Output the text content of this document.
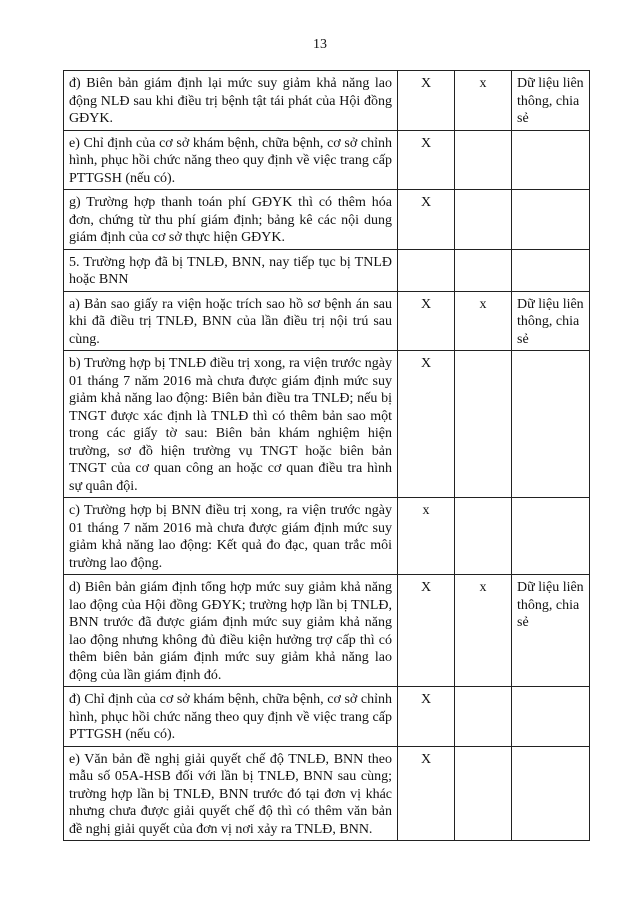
13
đ) Biên bản giám định lại mức suy giảm khả năng lao động NLĐ sau khi điều trị bệnh tật tái phát của Hội đồng GĐYK.	X	x	Dữ liệu liên thông, chia sẻ
e) Chỉ định của cơ sở khám bệnh, chữa bệnh, cơ sở chỉnh hình, phục hồi chức năng theo quy định về việc trang cấp PTTGSH (nếu có).	X		
g) Trường hợp thanh toán phí GĐYK thì có thêm hóa đơn, chứng từ thu phí giám định; bảng kê các nội dung giám định của cơ sở thực hiện GĐYK.	X		
5. Trường hợp đã bị TNLĐ, BNN, nay tiếp tục bị TNLĐ hoặc BNN			
a) Bản sao giấy ra viện hoặc trích sao hồ sơ bệnh án sau khi đã điều trị TNLĐ, BNN của lần điều trị nội trú sau cùng.	X	x	Dữ liệu liên thông, chia sẻ
b) Trường hợp bị TNLĐ điều trị xong, ra viện trước ngày 01 tháng 7 năm 2016 mà chưa được giám định mức suy giảm khả năng lao động: Biên bản điều tra TNLĐ; nếu bị TNGT được xác định là TNLĐ thì có thêm bản sao một trong các giấy tờ sau: Biên bản khám nghiệm hiện trường, sơ đồ hiện trường vụ TNGT hoặc biên bản TNGT của cơ quan công an hoặc cơ quan điều tra hình sự quân đội.	X		
c) Trường hợp bị BNN điều trị xong, ra viện trước ngày 01 tháng 7 năm 2016 mà chưa được giám định mức suy giảm khả năng lao động: Kết quả đo đạc, quan trắc môi trường lao động.	x		
d) Biên bản giám định tổng hợp mức suy giảm khả năng lao động của Hội đồng GĐYK; trường hợp lần bị TNLĐ, BNN trước đã được giám định mức suy giảm khả năng lao động nhưng không đủ điều kiện hưởng trợ cấp thì có thêm biên bản giám định mức suy giảm khả năng lao động của lần giám định đó.	X	x	Dữ liệu liên thông, chia sẻ
đ) Chỉ định của cơ sở khám bệnh, chữa bệnh, cơ sở chỉnh hình, phục hồi chức năng theo quy định về việc trang cấp PTTGSH (nếu có).	X		
e) Văn bản đề nghị giải quyết chế độ TNLĐ, BNN theo mẫu số 05A-HSB đối với lần bị TNLĐ, BNN sau cùng; trường hợp lần bị TNLĐ, BNN trước đó tại đơn vị khác nhưng chưa được giải quyết chế độ thì có thêm văn bản đề nghị giải quyết của đơn vị nơi xảy ra TNLĐ, BNN.	X		
